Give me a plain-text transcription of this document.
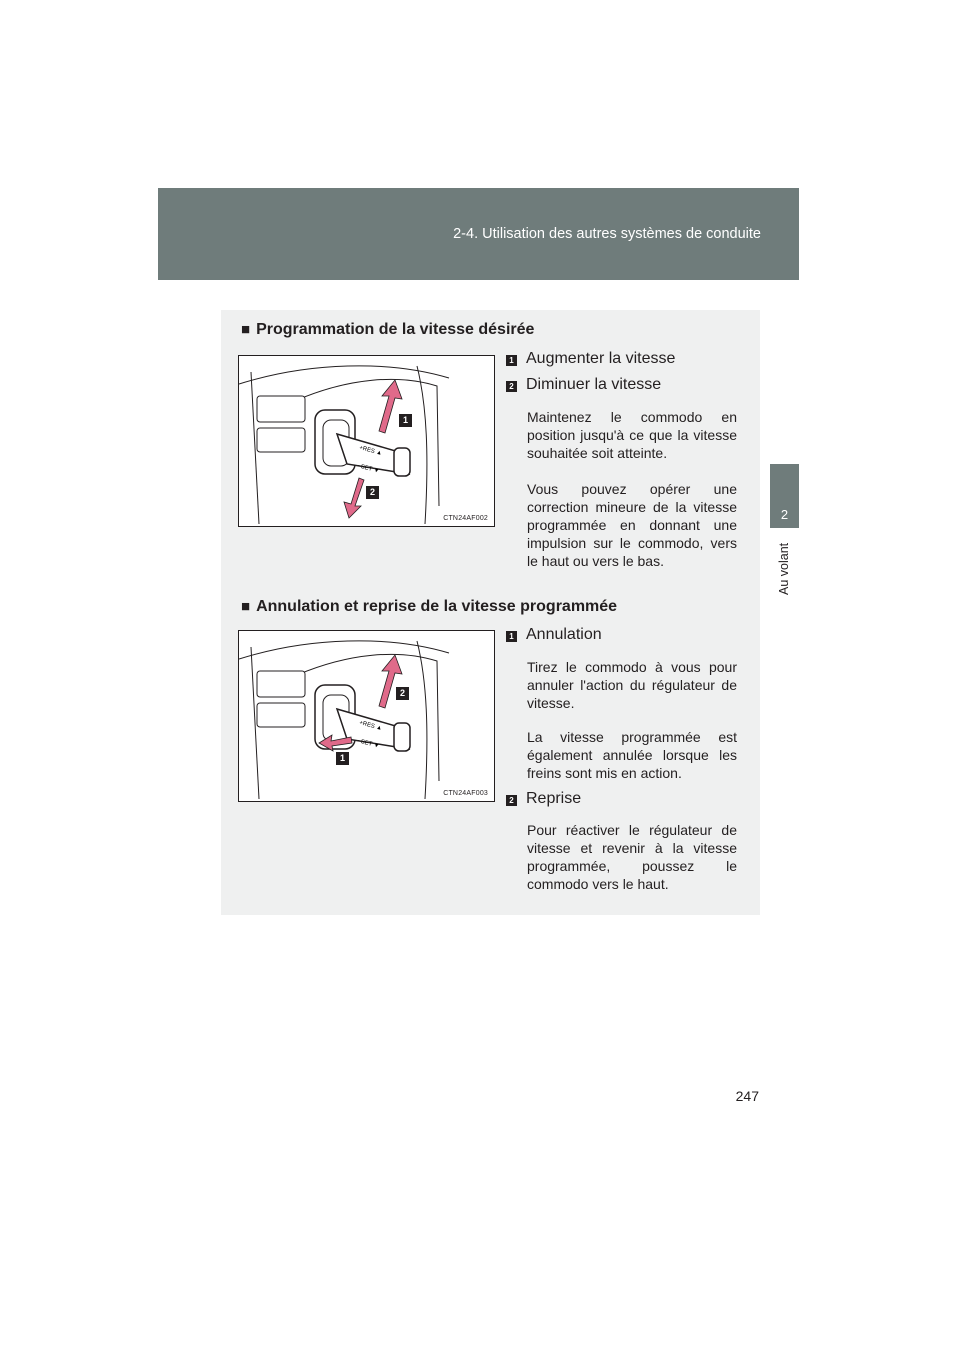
2-4. Utilisation des autres systèmes de conduite
2
Au volant
■ Programmation de la vitesse désirée
+RES ▲
−SET ▼
1
2
CTN24AF002
1 Augmenter la vitesse
2 Diminuer la vitesse
Maintenez le commodo en position jusqu'à ce que la vitesse souhaitée soit atteinte.
Vous pouvez opérer une correction mineure de la vitesse programmée en donnant une impulsion sur le commodo, vers le haut ou vers le bas.
■ Annulation et reprise de la vitesse programmée
+RES ▲
−SET ▼
2
1
CTN24AF003
1 Annulation
Tirez le commodo à vous pour annuler l'action du régulateur de vitesse.
La vitesse programmée est également annulée lorsque les freins sont mis en action.
2 Reprise
Pour réactiver le régulateur de vitesse et revenir à la vitesse programmée, poussez le commodo vers le haut.
247
